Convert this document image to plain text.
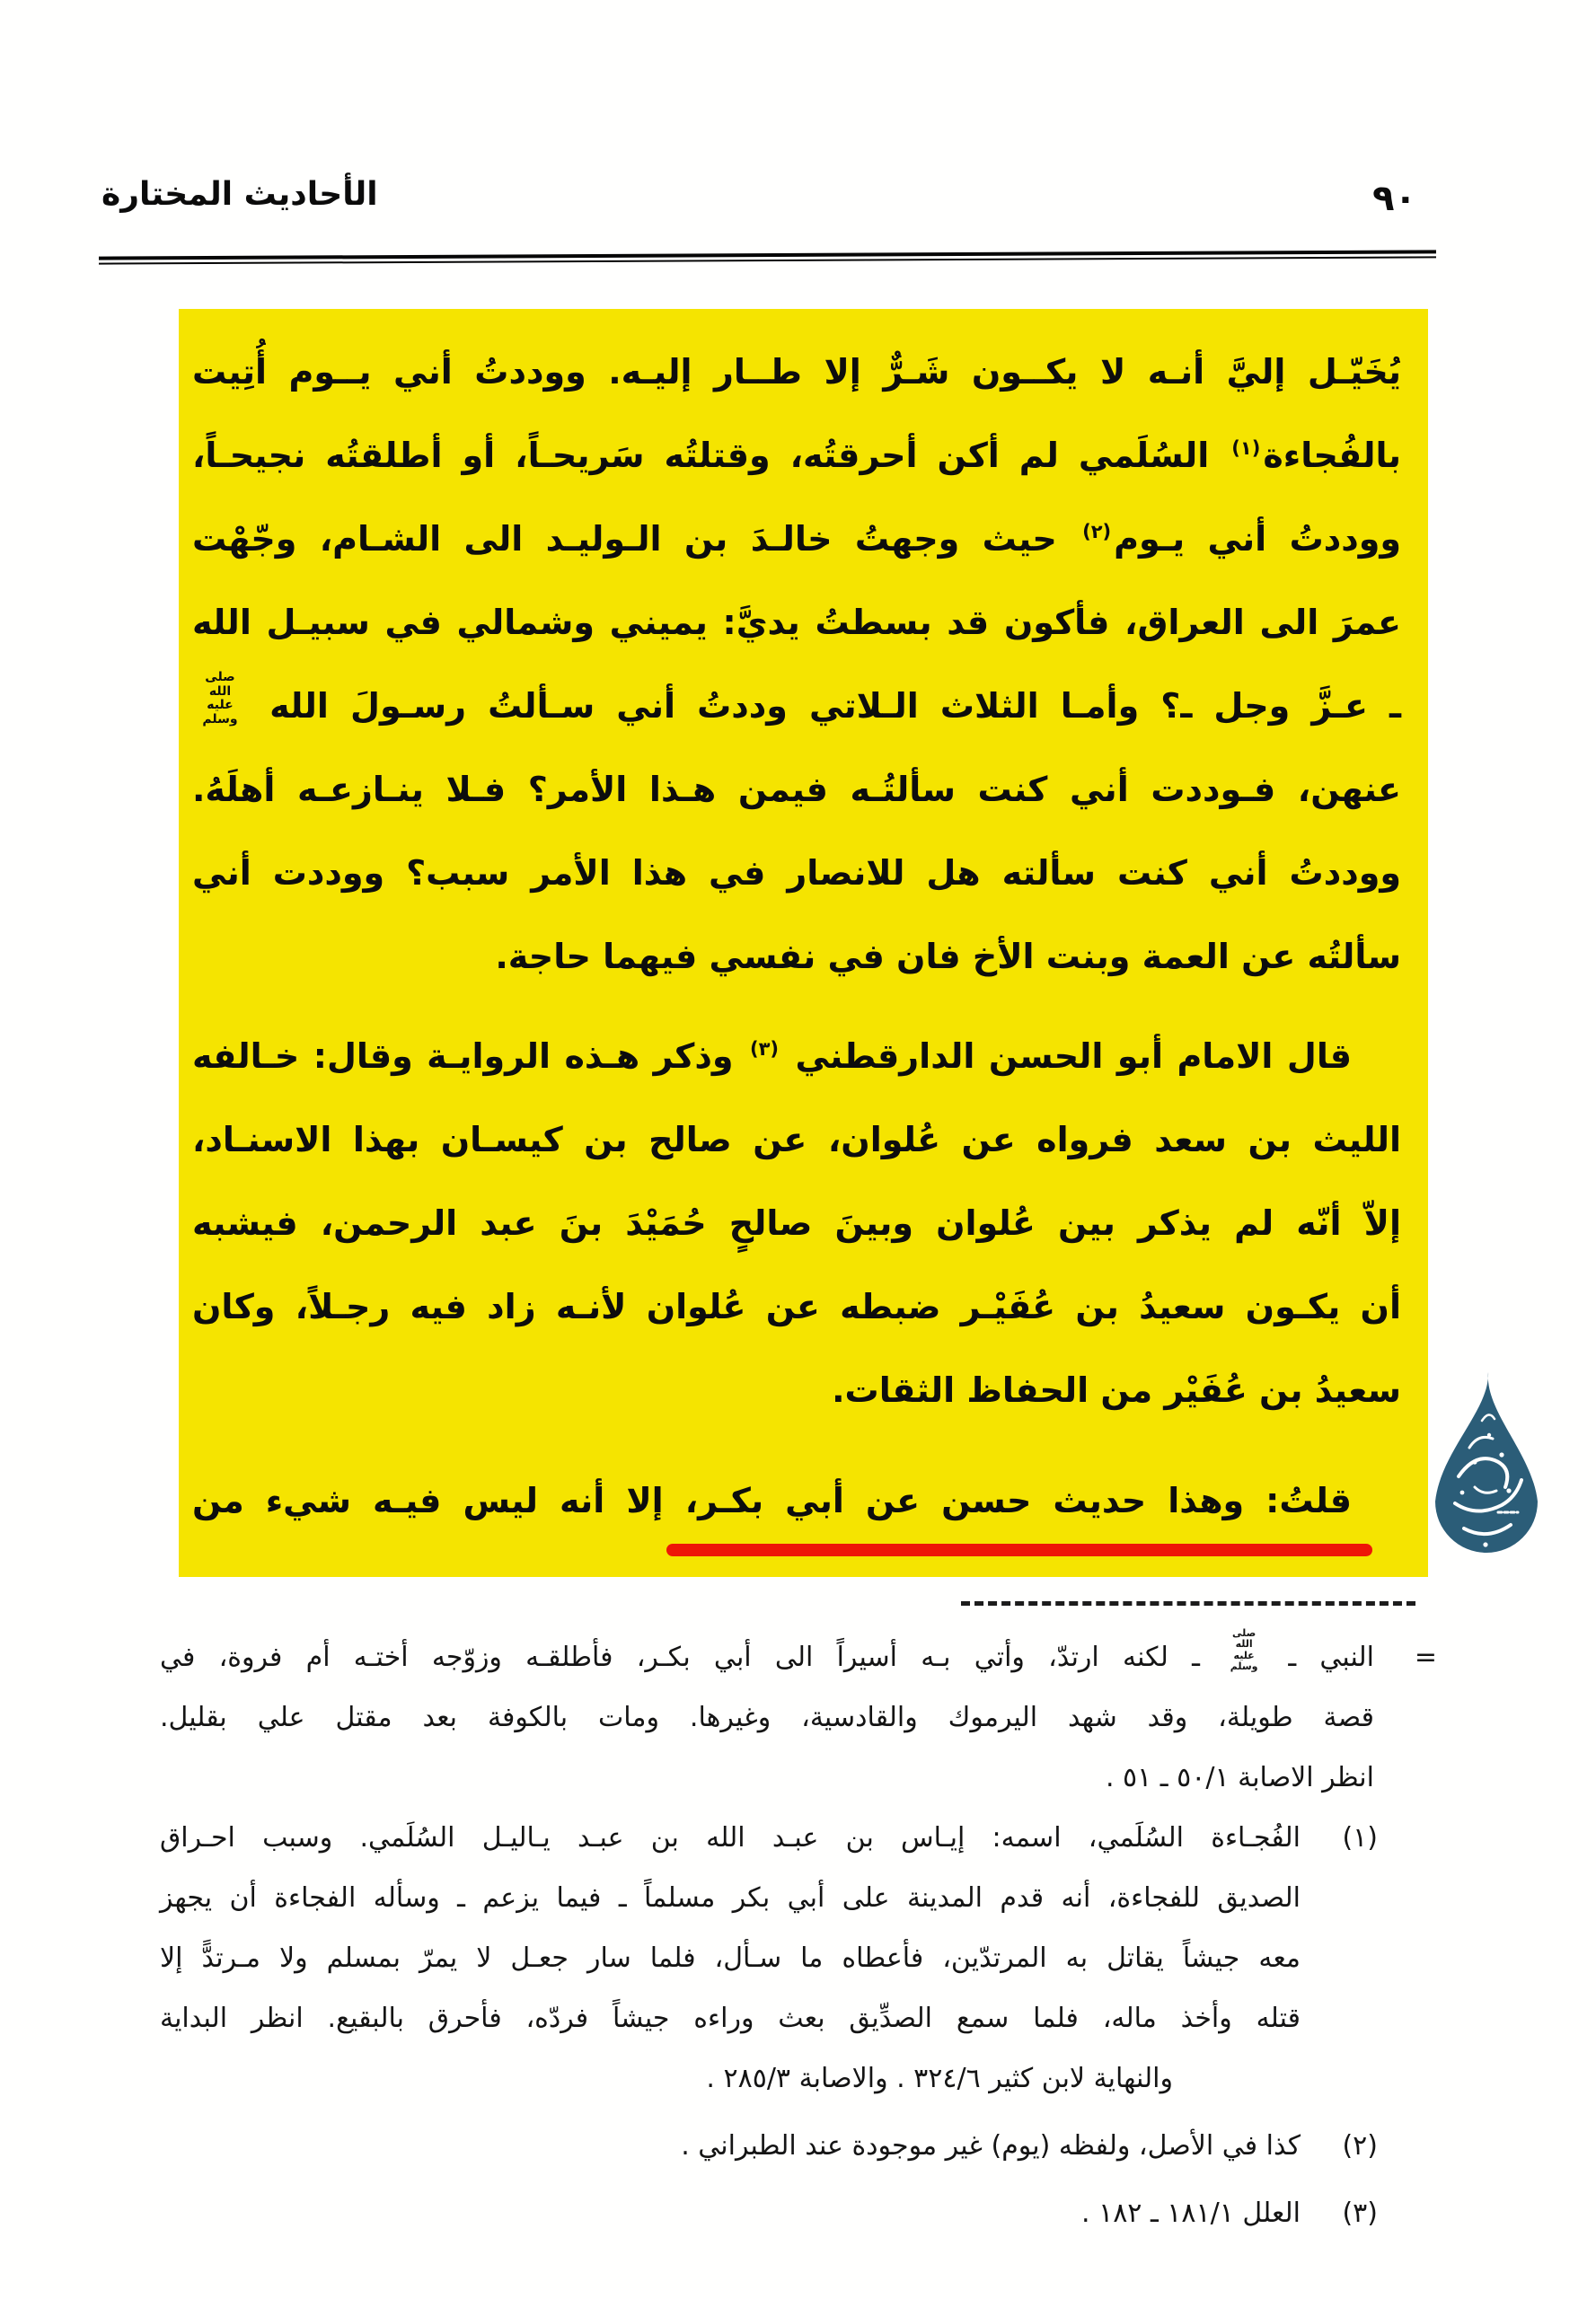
الأحاديث المختارة	٩٠
يُخَيّـل إليَّ أنـه لا يكــون شَـرٌّ إلا طــار إليـه. ووددتُ أني يــوم أُتِيت
بالفُجاءة$^{(١)}$ السُلَمي لم أكن أحرقتُه، وقتلتُه سَريحـاً، أو أطلقتُه نجيحـاً،
ووددتُ أني يـوم$^{(٢)}$ حيث وجهتُ خالـدَ بن الـوليـد الى الشـام، وجّهْت
عمرَ الى العراق، فأكون قد بسطتُ يديَّ: يميني وشمالي في سبيـل الله
ـ عـزَّ وجل ـ؟ وأمـا الثلاث الـلاتي وددتُ أني سـألتُ رسـولَ الله
صلى الله
عليه وسلم
عنهن، فـوددت أني كنت سألتُـه فيمن هـذا الأمر؟ فـلا ينـازعـه أهلَهُ.
ووددتُ أني كنت سألته هل للانصار في هذا الأمر سبب؟ ووددت أني
سألتُه عن العمة وبنت الأخ فان في نفسي فيهما حاجة.
قال الامام أبو الحسن الدارقطني $^{(٣)}$ وذكر هـذه الروايـة وقال: خـالفه
الليث بن سعد فرواه عن عُلوان، عن صالح بن كيسـان بهذا الاسنـاد،
إلاّ أنّه لم يذكر بين عُلوان وبينَ صالحٍ حُمَيْدَ بنَ عبد الرحمن، فيشبه
أن يكـون سعيدُ بن عُفَيْـر ضبطه عن عُلوان لأنـه زاد فيه رجـلاً، وكان
سعيدُ بن عُفَيْر من الحفاظ الثقات.
قلتُ: وهذا حديث حسن عن أبي بكـر، إلا أنه ليس فيـه شيء من
=
النبي ـ
صلى الله
عليه وسلم
ـ لكنه ارتدّ، وأتي بـه أسيراً الى أبي بكـر، فأطلقـه وزوّجه أختـه أم فروة، في
قصة طويلة، وقد شهد اليرموك والقادسية، وغيرها. ومات بالكوفة بعد مقتل علي بقليل.
انظر الاصابة ٥٠/١ ـ ٥١ .
(١)
الفُجـاءة السُلَمي، اسمه: إيـاس بن عبـد الله بن عبـد يـاليـل السُلَمي. وسبب احـراق
الصديق للفجاءة، أنه قدم المدينة على أبي بكر مسلماً ـ فيما يزعم ـ وسأله الفجاءة أن يجهز
معه جيشاً يقاتل به المرتدّين، فأعطاه ما سـأل، فلما سار جعـل لا يمرّ بمسلم ولا مـرتدًّ إلا
قتله وأخذ ماله، فلما سمع الصدِّيق بعث وراءه جيشاً فردّه، فأحرق بالبقيع. انظر البداية
والنهاية لابن كثير ٣٢٤/٦ . والاصابة ٢٨٥/٣ .
(٢)
كذا في الأصل، ولفظه (يوم) غير موجودة عند الطبراني .
(٣)
العلل ١٨١/١ ـ ١٨٢ .
